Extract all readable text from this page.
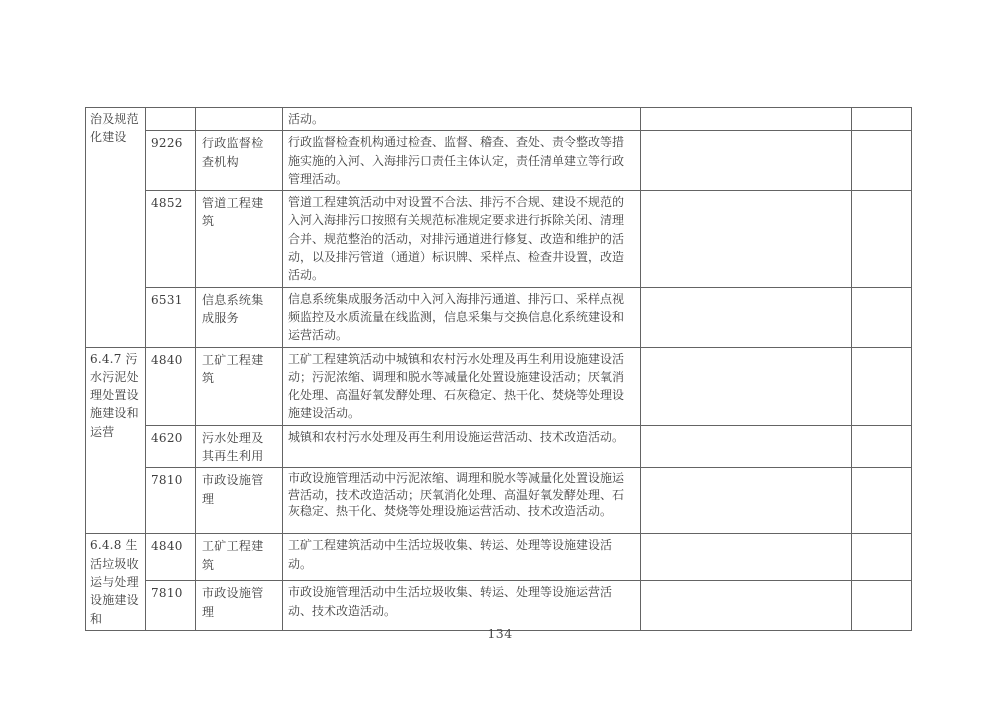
治及规范化建设			活动。		
	9226	行政监督检查机构	行政监督检查机构通过检查、监督、稽查、查处、责令整改等措施实施的入河、入海排污口责任主体认定，责任清单建立等行政管理活动。		
	4852	管道工程建筑	管道工程建筑活动中对设置不合法、排污不合规、建设不规范的入河入海排污口按照有关规范标准规定要求进行拆除关闭、清理合并、规范整治的活动，对排污通道进行修复、改造和维护的活动，以及排污管道（通道）标识牌、采样点、检查井设置，改造活动。		
	6531	信息系统集成服务	信息系统集成服务活动中入河入海排污通道、排污口、采样点视频监控及水质流量在线监测，信息采集与交换信息化系统建设和运营活动。		
6.4.7 污水污泥处理处置设施建设和运营	4840	工矿工程建筑	工矿工程建筑活动中城镇和农村污水处理及再生利用设施建设活动；污泥浓缩、调理和脱水等减量化处置设施建设活动；厌氧消化处理、高温好氧发酵处理、石灰稳定、热干化、焚烧等处理设施建设活动。		
	4620	污水处理及其再生利用	城镇和农村污水处理及再生利用设施运营活动、技术改造活动。		
	7810	市政设施管理	市政设施管理活动中污泥浓缩、调理和脱水等减量化处置设施运营活动，技术改造活动；厌氧消化处理、高温好氧发酵处理、石灰稳定、热干化、焚烧等处理设施运营活动、技术改造活动。		
6.4.8 生活垃圾收运与处理设施建设和	4840	工矿工程建筑	工矿工程建筑活动中生活垃圾收集、转运、处理等设施建设活动。		
	7810	市政设施管理	市政设施管理活动中生活垃圾收集、转运、处理等设施运营活动、技术改造活动。		
134
